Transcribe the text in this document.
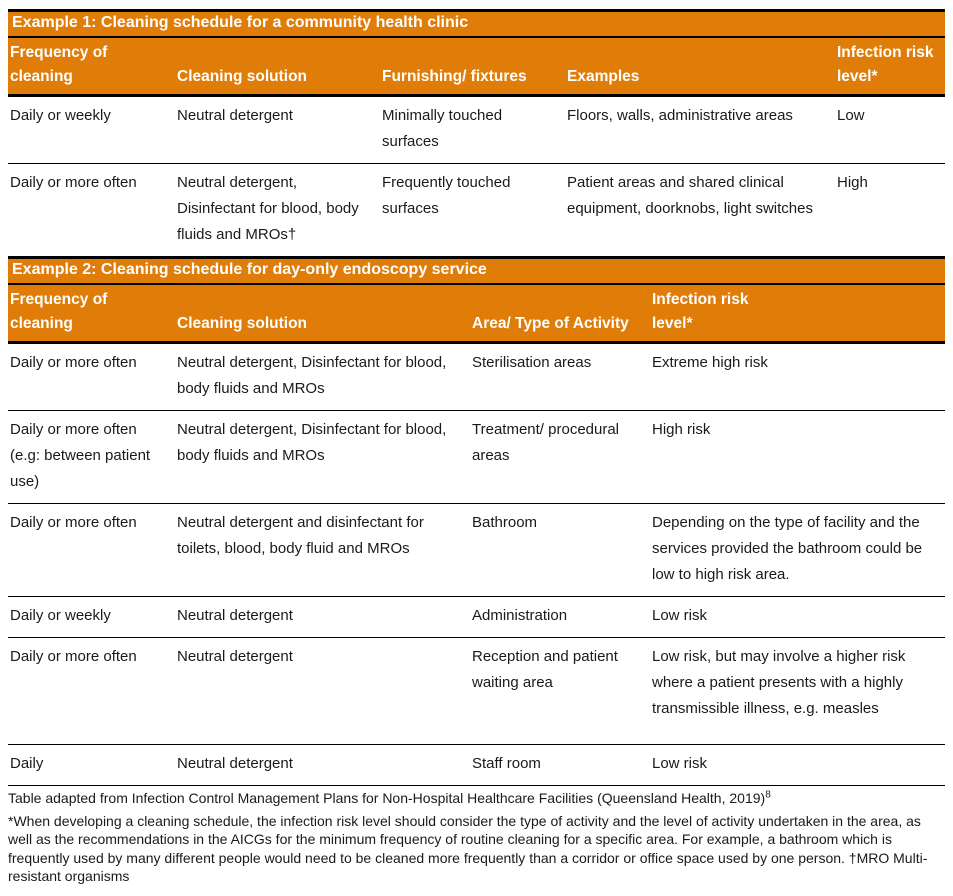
Example 1: Cleaning schedule for a community health clinic
Frequency of cleaning	Cleaning solution	Furnishing/ fixtures	Examples	Infection risk level*
Daily or weekly	Neutral detergent	Minimally touched surfaces	Floors, walls, administrative areas	Low
Daily or more often	Neutral detergent, Disinfectant for blood, body fluids and MROs†	Frequently touched surfaces	Patient areas and shared clinical equipment, doorknobs, light switches	High
Example 2: Cleaning schedule for day-only endoscopy service
Frequency of cleaning	Cleaning solution	Area/ Type of Activity	Infection risk level*

Daily or more often	Neutral detergent, Disinfectant for blood, body fluids and MROs	Sterilisation areas	Extreme high risk
Daily or more often (e.g: between patient use)	Neutral detergent, Disinfectant for blood, body fluids and MROs	Treatment/ procedural areas	High risk
Daily or more often	Neutral detergent and disinfectant for toilets, blood, body fluid and MROs	Bathroom	Depending on the type of facility and the services provided the bathroom could be low to high risk area.
Daily or weekly	Neutral detergent	Administration	Low risk
Daily or more often	Neutral detergent	Reception and patient waiting area	Low risk, but may involve a higher risk where a patient presents with a highly transmissible illness, e.g. measles
Daily	Neutral detergent	Staff room	Low risk

Table adapted from Infection Control Management Plans for Non-Hospital Healthcare Facilities (Queensland Health, 2019)$^8$

*When developing a cleaning schedule, the infection risk level should consider the type of activity and the level of activity undertaken in the area, as well as the recommendations in the AICGs for the minimum frequency of routine cleaning for a specific area. For example, a bathroom which is frequently used by many different people would need to be cleaned more frequently than a corridor or office space used by one person. †MRO Multi-resistant organisms
